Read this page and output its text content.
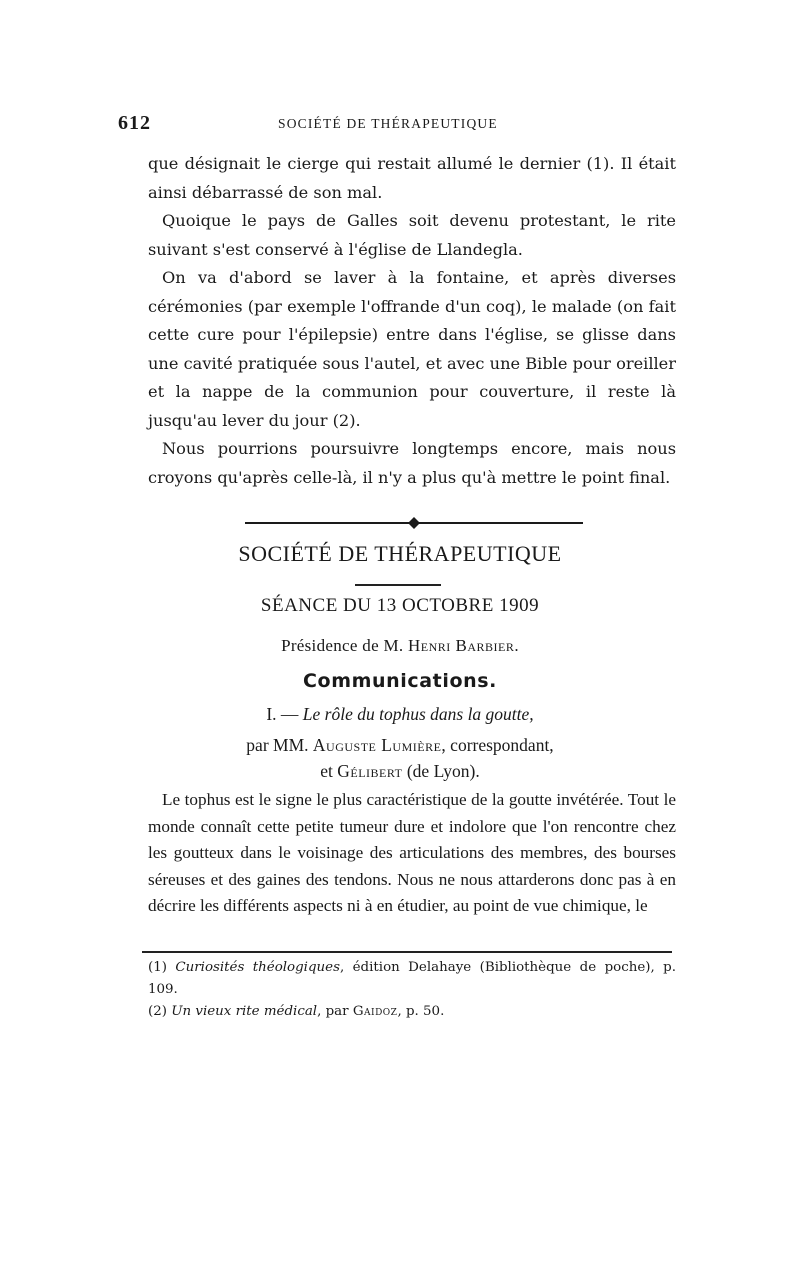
612	SOCIÉTÉ DE THÉRAPEUTIQUE

que désignait le cierge qui restait allumé le dernier (1). Il était ainsi débarrassé de son mal.

Quoique le pays de Galles soit devenu protestant, le rite suivant s'est conservé à l'église de Llandegla.

On va d'abord se laver à la fontaine, et après diverses cérémonies (par exemple l'offrande d'un coq), le malade (on fait cette cure pour l'épilepsie) entre dans l'église, se glisse dans une cavité pratiquée sous l'autel, et avec une Bible pour oreiller et la nappe de la communion pour couverture, il reste là jusqu'au lever du jour (2).

Nous pourrions poursuivre longtemps encore, mais nous croyons qu'après celle-là, il n'y a plus qu'à mettre le point final.

SOCIÉTÉ DE THÉRAPEUTIQUE
SÉANCE DU 13 OCTOBRE 1909
Présidence de M. Henri Barbier.
Communications.
I. — Le rôle du tophus dans la goutte,
par MM. Auguste Lumière, correspondant,
et Gélibert (de Lyon).

Le tophus est le signe le plus caractéristique de la goutte invétérée. Tout le monde connaît cette petite tumeur dure et indolore que l'on rencontre chez les goutteux dans le voisinage des articulations des membres, des bourses séreuses et des gaines des tendons. Nous ne nous attarderons donc pas à en décrire les différents aspects ni à en étudier, au point de vue chimique, le

(1) Curiosités théologiques, édition Delahaye (Bibliothèque de poche), p. 109.

(2) Un vieux rite médical, par Gaidoz, p. 50.
